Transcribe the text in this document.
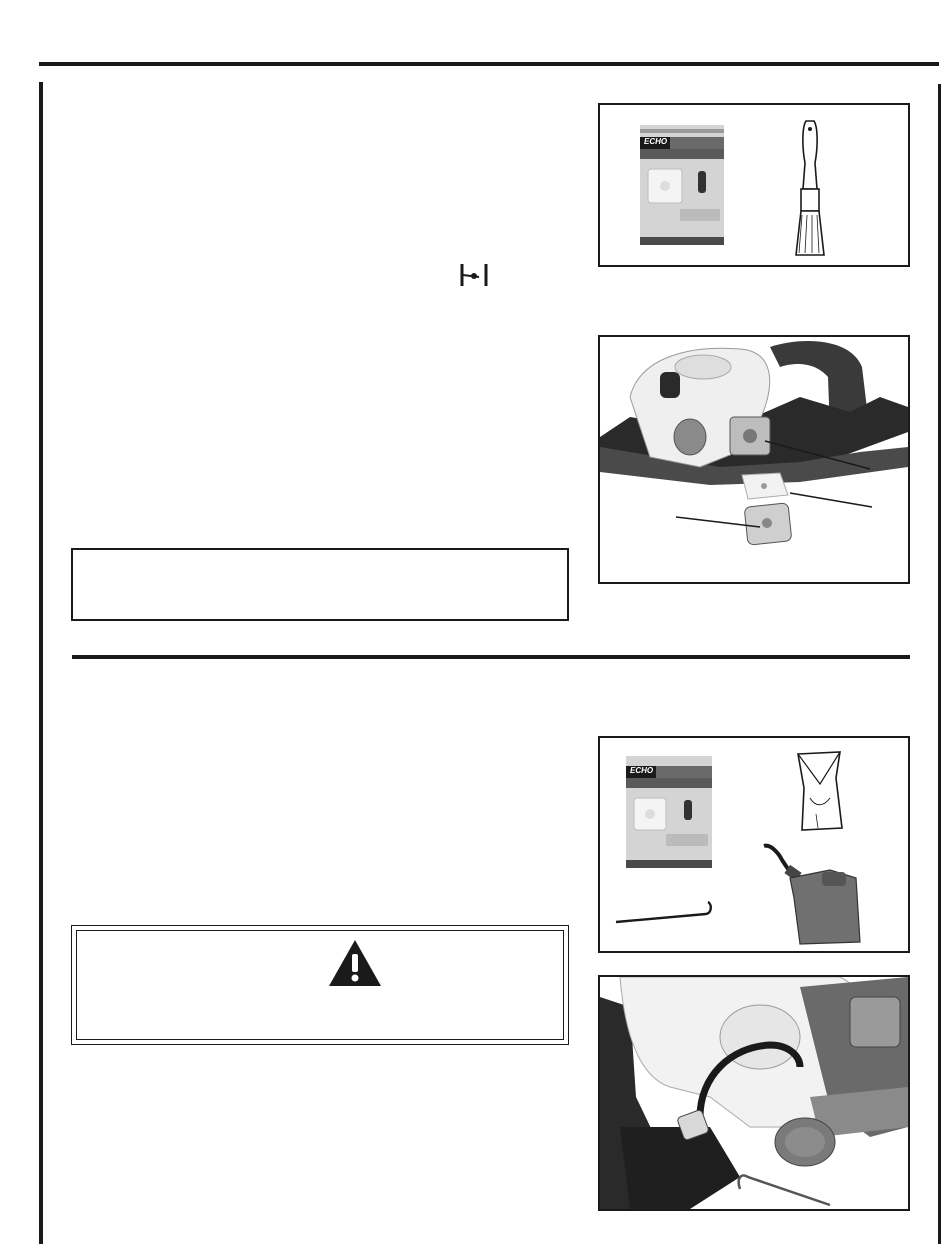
ECHO
ECHO
